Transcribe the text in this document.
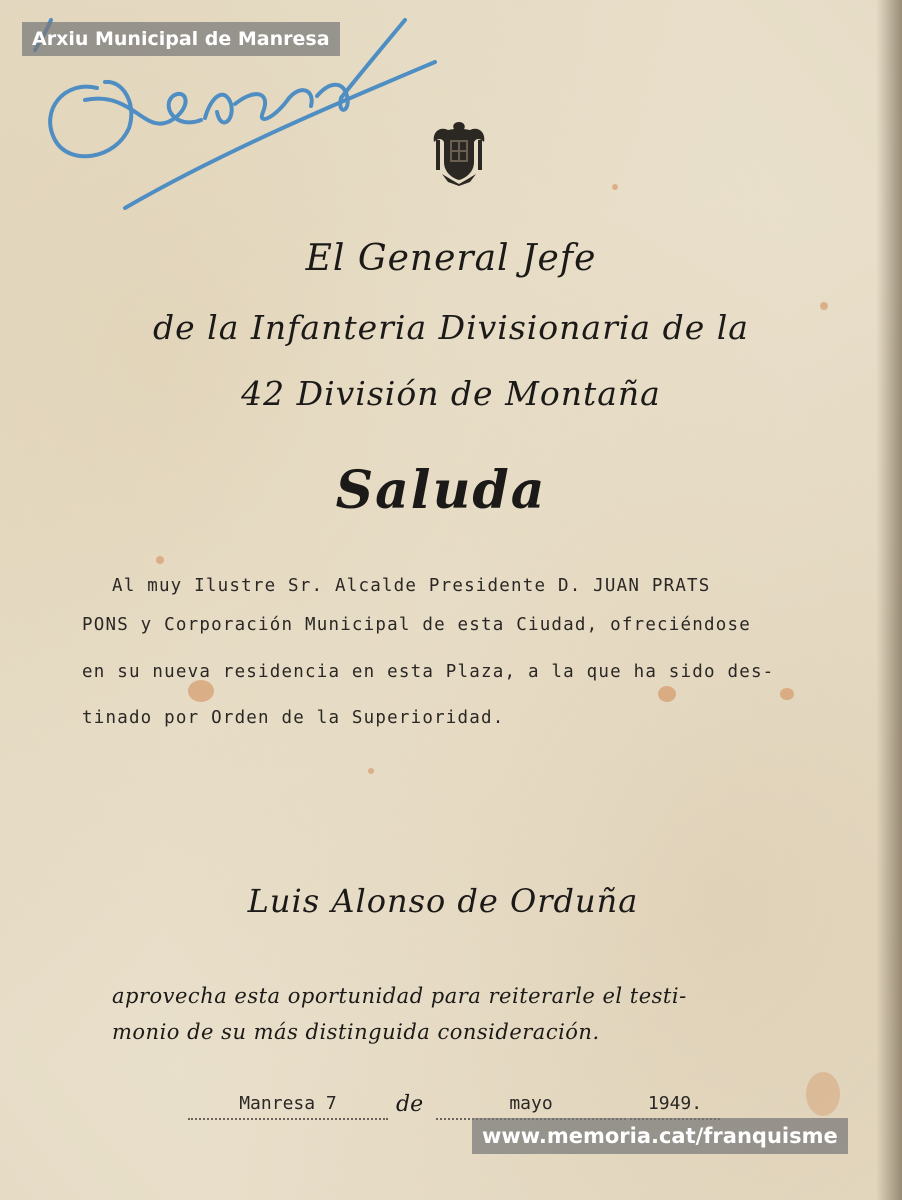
El General Jefe
de la Infanteria Divisionaria de la
42 División de Montaña
Saluda
Al muy Ilustre Sr. Alcalde Presidente D. JUAN PRATS
PONS y Corporación Municipal de esta Ciudad, ofreciéndose
en su nueva residencia en esta Plaza, a la que ha sido des-
tinado por Orden de la Superioridad.
Luis Alonso de Orduña
aprovecha esta oportunidad para reiterarle el testi-
monio de su más distinguida consideración.
Manresa 7	de	mayo	1949.
Arxiu Municipal de Manresa
www.memoria.cat/franquisme
